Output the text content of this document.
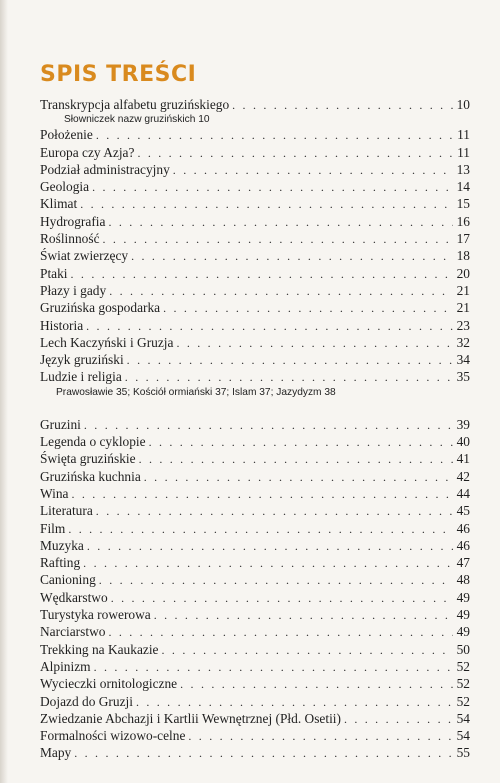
SPIS TREŚCI
Transkrypcja alfabetu gruzińskiego . . .	10
Słowniczek nazw gruzińskich 10
Położenie . . .	11
Europa czy Azja? . . .	11
Podział administracyjny . . .	13
Geologia . . .	14
Klimat . . .	15
Hydrografia . . .	16
Roślinność . . .	17
Świat zwierzęcy . . .	18
Ptaki . . .	20
Płazy i gady . . .	21
Gruzińska gospodarka . . .	21
Historia . . .	23
Lech Kaczyński i Gruzja . . .	32
Język gruziński . . .	34
Ludzie i religia . . .	35
Prawosławie 35; Kościół ormiański 37; Islam 37; Jazydyzm 38
Gruzini . . .	39
Legenda o cyklopie . . .	40
Święta gruzińskie . . .	41
Gruzińska kuchnia . . .	42
Wina . . .	44
Literatura . . .	45
Film . . .	46
Muzyka . . .	46
Rafting . . .	47
Canioning . . .	48
Wędkarstwo . . .	49
Turystyka rowerowa . . .	49
Narciarstwo . . .	49
Trekking na Kaukazie . . .	50
Alpinizm . . .	52
Wycieczki ornitologiczne . . .	52
Dojazd do Gruzji . . .	52
Zwiedzanie Abchazji i Kartlii Wewnętrznej (Płd. Osetii) . . .	54
Formalności wizowo-celne . . .	54
Mapy . . .	55
